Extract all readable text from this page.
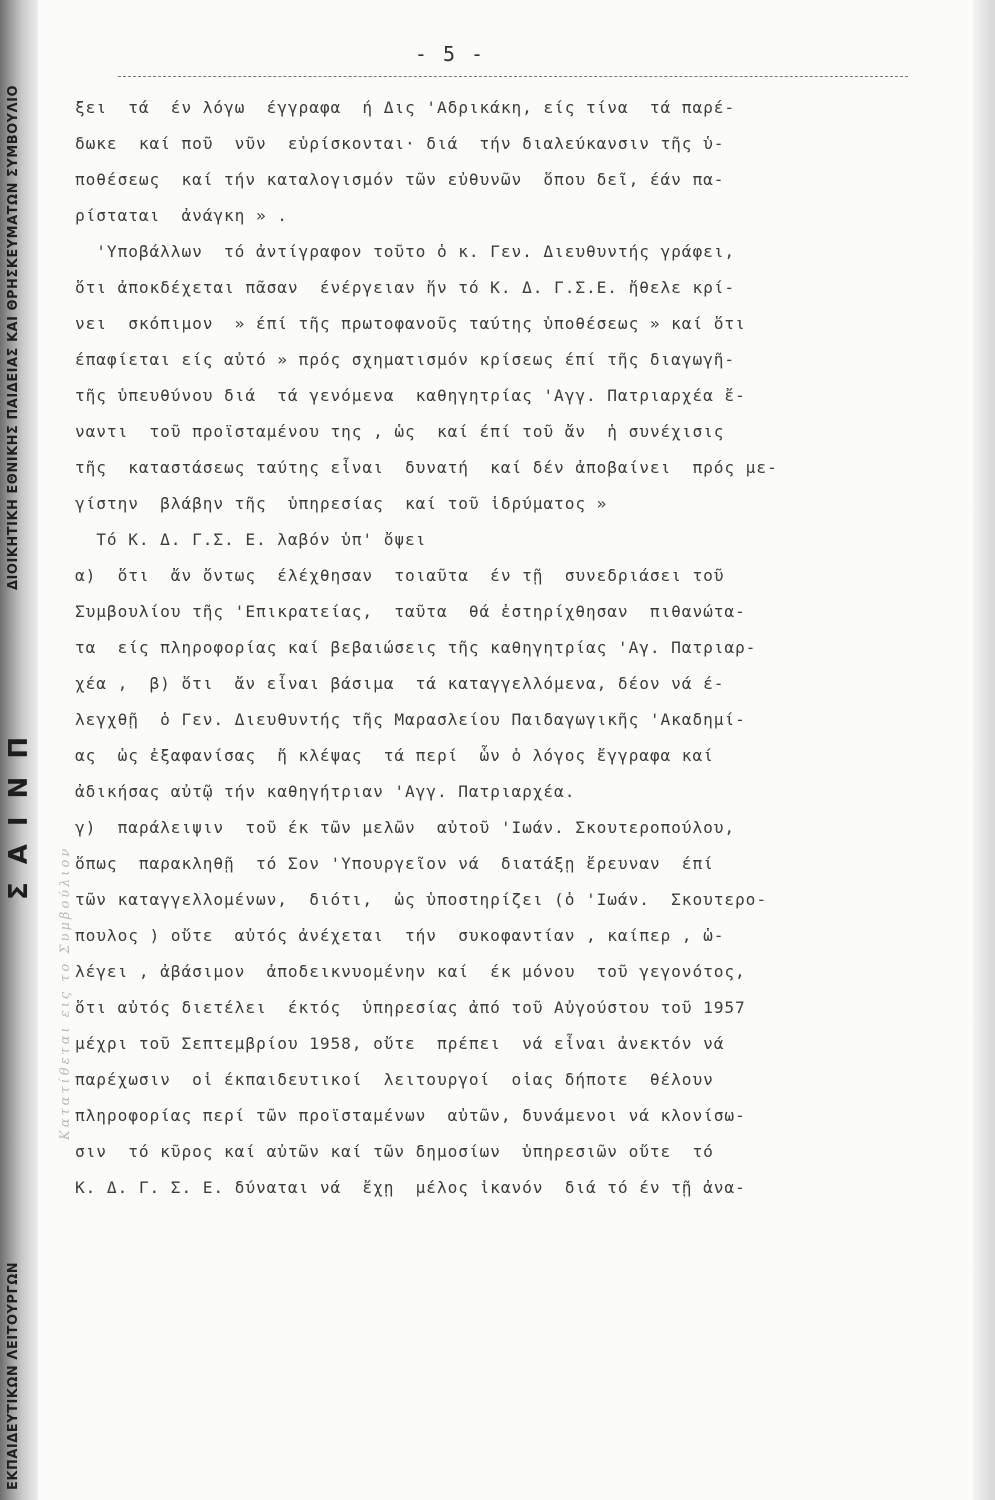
ΔΙΟΙΚΗΤΙΚΗ ΕΘΝΙΚΗΣ ΠΑΙΔΕΙΑΣ ΚΑΙ ΘΡΗΣΚΕΥΜΑΤΩΝ ΣΥΜΒΟΥΛΙΟ
ΣΑΙΝΠ
ΕΚΠΑΙΔΕΥΤΙΚΩΝ ΛΕΙΤΟΥΡΓΩΝ
Κατατίθεται εις το Συμβούλιον
- 5 -
ξει  τά  έν λόγω  έγγραφα  ή Δις 'Αδρικάκη, είς τίνα  τά παρέ-
δωκε  καί ποῦ  νῦν  εὑρίσκονται· διά  τήν διαλεύκανσιν τῆς ὑ-
ποθέσεως  καί τήν καταλογισμόν τῶν εὐθυνῶν  ὅπου δεῖ, έάν πα-
ρίσταται  ἀνάγκη » .
'Υποβάλλων  τό ἀντίγραφον τοῦτο ὁ κ. Γεν. Διευθυντής γράφει,
ὅτι ἀποκδέχεται πᾶσαν  ένέργειαν ἥν τό Κ. Δ. Γ.Σ.Ε. ἤθελε κρί-
νει  σκόπιμον  » έπί τῆς πρωτοφανοῦς ταύτης ὑποθέσεως » καί ὅτι
έπαφίεται είς αὐτό » πρός σχηματισμόν κρίσεως έπί τῆς διαγωγῆ-
τῆς ὑπευθύνου διά  τά γενόμενα  καθηγητρίας 'Αγγ. Πατριαρχέα ἔ-
ναντι  τοῦ προϊσταμένου της , ὡς  καί έπί τοῦ ἄν  ἡ συνέχισις
τῆς  καταστάσεως ταύτης εἶναι  δυνατή  καί δέν ἀποβαίνει  πρός με-
γίστην  βλάβην τῆς  ὑπηρεσίας  καί τοῦ ἱδρύματος »
Τό Κ. Δ. Γ.Σ. Ε. λαβόν ὑπ' ὄψει
α)  ὅτι  ἄν ὄντως  έλέχθησαν  τοιαῦτα  έν τῇ  συνεδριάσει τοῦ
Συμβουλίου τῆς 'Επικρατείας,  ταῦτα  θά ἐστηρίχθησαν  πιθανώτα-
τα  είς πληροφορίας καί βεβαιώσεις τῆς καθηγητρίας 'Αγ. Πατριαρ-
χέα ,  β) ὅτι  ἄν εἶναι βάσιμα  τά καταγγελλόμενα, δέον νά έ-
λεγχθῇ  ὁ Γεν. Διευθυντής τῆς Μαρασλείου Παιδαγωγικῆς 'Ακαδημί-
ας  ὡς ἐξαφανίσας  ἤ κλέψας  τά περί  ὧν ὁ λόγος ἔγγραφα καί
ἀδικήσας αὐτῷ τήν καθηγήτριαν 'Αγγ. Πατριαρχέα.
γ)  παράλειψιν  τοῦ έκ τῶν μελῶν  αὐτοῦ 'Ιωάν. Σκουτεροπούλου,
ὅπως  παρακληθῇ  τό Σον 'Υπουργεῖον νά  διατάξῃ ἔρευναν  έπί
τῶν καταγγελλομένων,  διότι,  ὡς ὑποστηρίζει (ὁ 'Ιωάν.  Σκουτερο-
πουλος ) οὔτε  αὐτός ἀνέχεται  τήν  συκοφαντίαν , καίπερ , ὡ-
λέγει , ἀβάσιμον  ἀποδεικνυομένην καί  έκ μόνου  τοῦ γεγονότος,
ὅτι αὐτός διετέλει  έκτός  ὑπηρεσίας ἀπό τοῦ Αὐγούστου τοῦ 1957
μέχρι τοῦ Σεπτεμβρίου 1958, οὔτε  πρέπει  νά εἶναι ἀνεκτόν νά
παρέχωσιν  οἱ έκπαιδευτικοί  λειτουργοί  οἱας δήποτε  θέλουν
πληροφορίας περί τῶν προϊσταμένων  αὐτῶν, δυνάμενοι νά κλονίσω-
σιν  τό κῦρος καί αὐτῶν καί τῶν δημοσίων  ὑπηρεσιῶν οὔτε  τό
Κ. Δ. Γ. Σ. Ε. δύναται νά  ἔχῃ  μέλος ἱκανόν  διά τό έν τῇ ἀνα-
